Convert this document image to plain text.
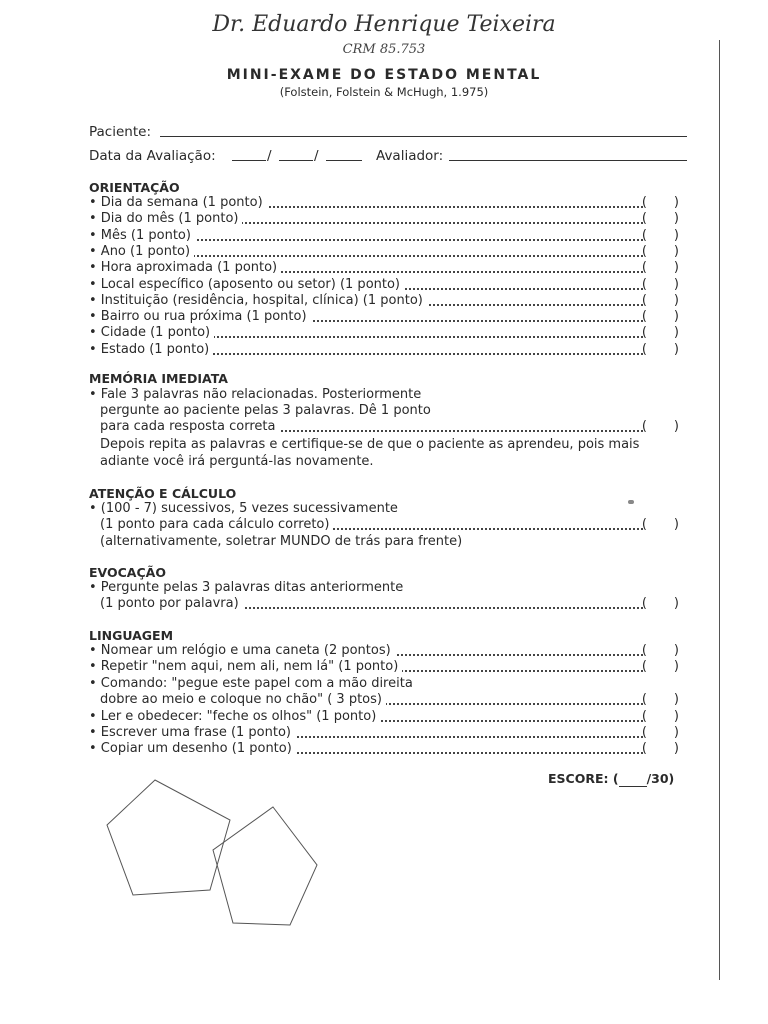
Dr. Eduardo Henrique Teixeira
CRM 85.753
MINI-EXAME DO ESTADO MENTAL
(Folstein, Folstein & McHugh, 1.975)
Paciente:
Data da Avaliação:	/	/	Avaliador:
ORIENTAÇÃO
• Dia da semana (1 ponto)	( )
• Dia do mês (1 ponto)	( )
• Mês (1 ponto)	( )
• Ano (1 ponto)	( )
• Hora aproximada (1 ponto)	( )
• Local específico (aposento ou setor) (1 ponto)	( )
• Instituição (residência, hospital, clínica) (1 ponto)	( )
• Bairro ou rua próxima (1 ponto)	( )
• Cidade (1 ponto)	( )
• Estado (1 ponto)	( )
MEMÓRIA IMEDIATA
• Fale 3 palavras não relacionadas. Posteriormente
pergunte ao paciente pelas 3 palavras. Dê 1 ponto
para cada resposta correta	( )
Depois repita as palavras e certifique-se de que o paciente as aprendeu, pois mais
adiante você irá perguntá-las novamente.
ATENÇÃO E CÁLCULO
• (100 - 7) sucessivos, 5 vezes sucessivamente
(1 ponto para cada cálculo correto)	( )
(alternativamente, soletrar MUNDO de trás para frente)
EVOCAÇÃO
• Pergunte pelas 3 palavras ditas anteriormente
(1 ponto por palavra)	( )
LINGUAGEM
• Nomear um relógio e uma caneta (2 pontos)	( )
• Repetir "nem aqui, nem ali, nem lá" (1 ponto)	( )
• Comando: "pegue este papel com a mão direita
dobre ao meio e coloque no chão" ( 3 ptos)	( )
• Ler e obedecer: "feche os olhos" (1 ponto)	( )
• Escrever uma frase (1 ponto)	( )
• Copiar um desenho (1 ponto)	( )
ESCORE: ( /30)
